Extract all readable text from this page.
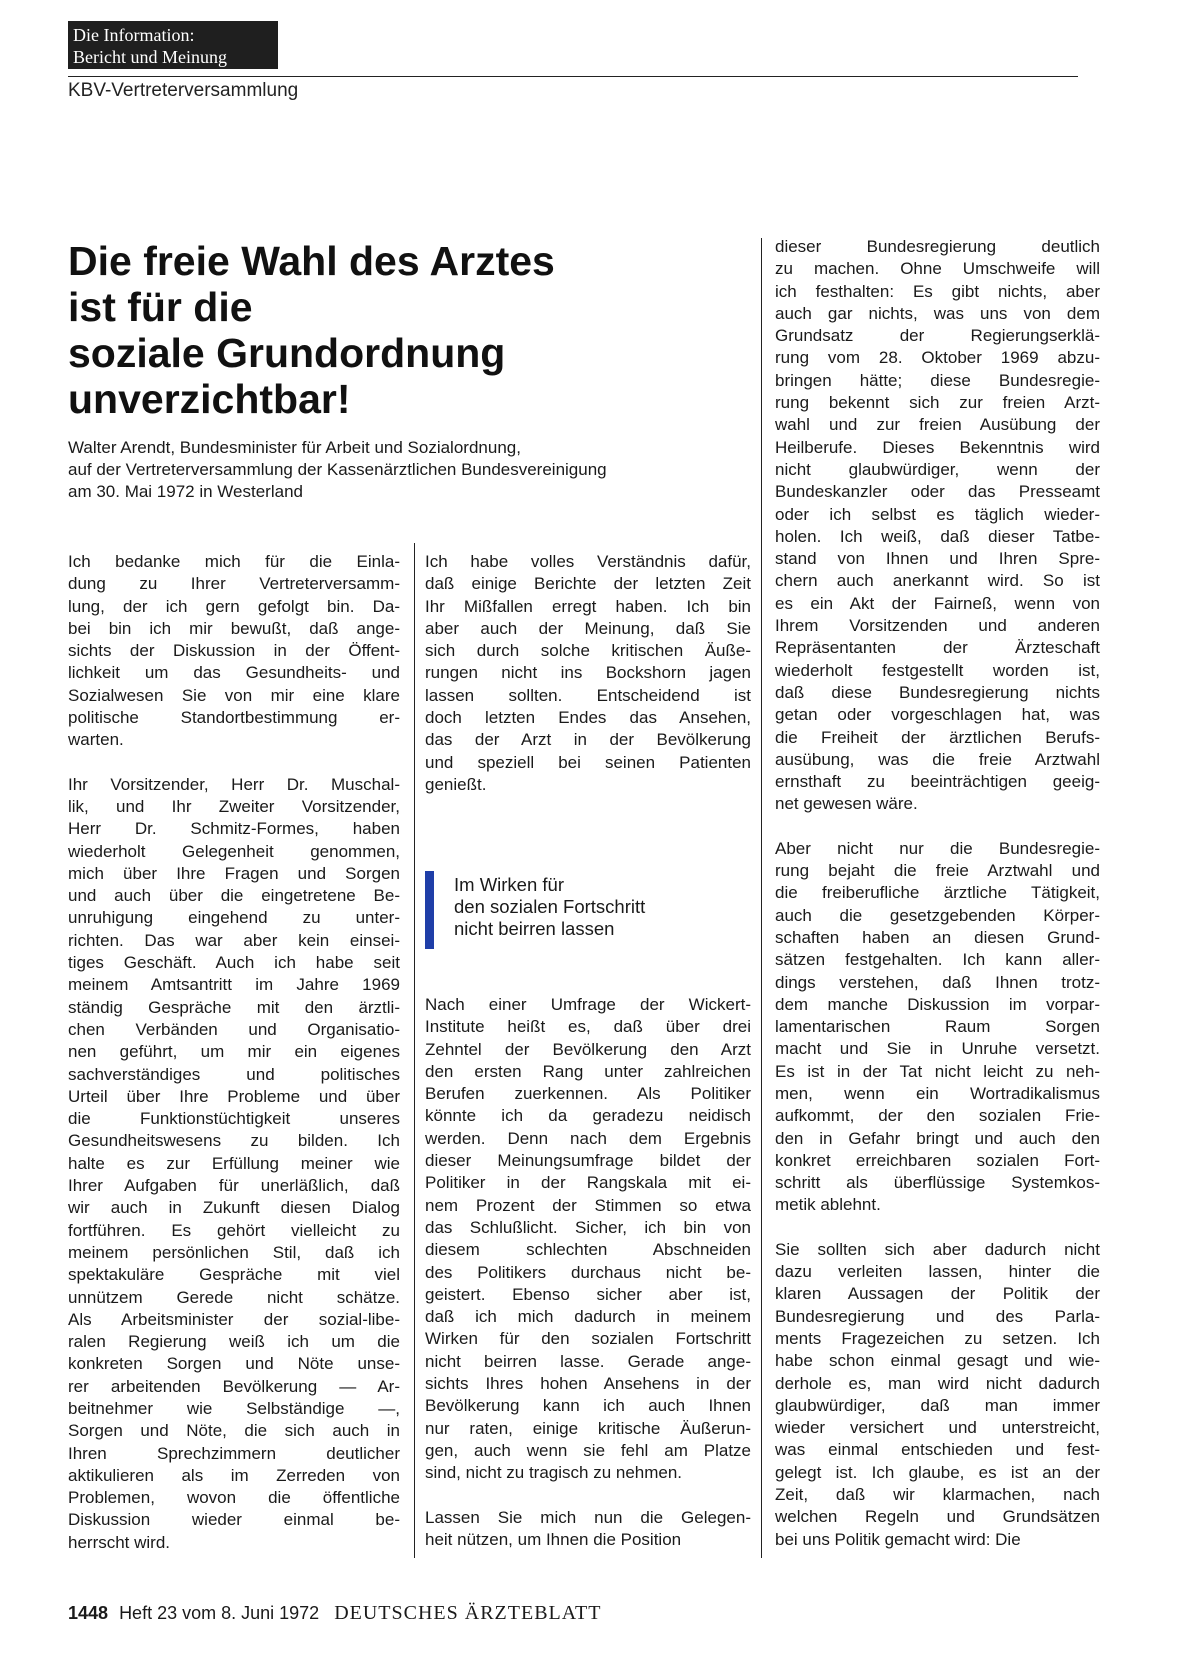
Die Information:
Bericht und Meinung
KBV-Vertreterversammlung
Die freie Wahl des Arztes
ist für die
soziale Grundordnung
unverzichtbar!
Walter Arendt, Bundesminister für Arbeit und Sozialordnung,
auf der Vertreterversammlung der Kassenärztlichen Bundesvereinigung
am 30. Mai 1972 in Westerland

Ich bedanke mich für die Einla-
dung zu Ihrer Vertreterversamm-
lung, der ich gern gefolgt bin. Da-
bei bin ich mir bewußt, daß ange-
sichts der Diskussion in der Öffent-
lichkeit um das Gesundheits- und
Sozialwesen Sie von mir eine klare
politische Standortbestimmung er-
warten.

Ihr Vorsitzender, Herr Dr. Muschal-
lik, und Ihr Zweiter Vorsitzender,
Herr Dr. Schmitz-Formes, haben
wiederholt Gelegenheit genommen,
mich über Ihre Fragen und Sorgen
und auch über die eingetretene Be-
unruhigung eingehend zu unter-
richten. Das war aber kein einsei-
tiges Geschäft. Auch ich habe seit
meinem Amtsantritt im Jahre 1969
ständig Gespräche mit den ärztli-
chen Verbänden und Organisatio-
nen geführt, um mir ein eigenes
sachverständiges und politisches
Urteil über Ihre Probleme und über
die Funktionstüchtigkeit unseres
Gesundheitswesens zu bilden. Ich
halte es zur Erfüllung meiner wie
Ihrer Aufgaben für unerläßlich, daß
wir auch in Zukunft diesen Dialog
fortführen. Es gehört vielleicht zu
meinem persönlichen Stil, daß ich
spektakuläre Gespräche mit viel
unnützem Gerede nicht schätze.
Als Arbeitsminister der sozial-libe-
ralen Regierung weiß ich um die
konkreten Sorgen und Nöte unse-
rer arbeitenden Bevölkerung — Ar-
beitnehmer wie Selbständige —,
Sorgen und Nöte, die sich auch in
Ihren Sprechzimmern deutlicher
aktikulieren als im Zerreden von
Problemen, wovon die öffentliche
Diskussion wieder einmal be-
herrscht wird.

Ich habe volles Verständnis dafür,
daß einige Berichte der letzten Zeit
Ihr Mißfallen erregt haben. Ich bin
aber auch der Meinung, daß Sie
sich durch solche kritischen Äuße-
rungen nicht ins Bockshorn jagen
lassen sollten. Entscheidend ist
doch letzten Endes das Ansehen,
das der Arzt in der Bevölkerung
und speziell bei seinen Patienten
genießt.

Im Wirken für
den sozialen Fortschritt
nicht beirren lassen

Nach einer Umfrage der Wickert-
Institute heißt es, daß über drei
Zehntel der Bevölkerung den Arzt
den ersten Rang unter zahlreichen
Berufen zuerkennen. Als Politiker
könnte ich da geradezu neidisch
werden. Denn nach dem Ergebnis
dieser Meinungsumfrage bildet der
Politiker in der Rangskala mit ei-
nem Prozent der Stimmen so etwa
das Schlußlicht. Sicher, ich bin von
diesem schlechten Abschneiden
des Politikers durchaus nicht be-
geistert. Ebenso sicher aber ist,
daß ich mich dadurch in meinem
Wirken für den sozialen Fortschritt
nicht beirren lasse. Gerade ange-
sichts Ihres hohen Ansehens in der
Bevölkerung kann ich auch Ihnen
nur raten, einige kritische Äußerun-
gen, auch wenn sie fehl am Platze
sind, nicht zu tragisch zu nehmen.

Lassen Sie mich nun die Gelegen-
heit nützen, um Ihnen die Position

dieser Bundesregierung deutlich
zu machen. Ohne Umschweife will
ich festhalten: Es gibt nichts, aber
auch gar nichts, was uns von dem
Grundsatz der Regierungserklä-
rung vom 28. Oktober 1969 abzu-
bringen hätte; diese Bundesregie-
rung bekennt sich zur freien Arzt-
wahl und zur freien Ausübung der
Heilberufe. Dieses Bekenntnis wird
nicht glaubwürdiger, wenn der
Bundeskanzler oder das Presseamt
oder ich selbst es täglich wieder-
holen. Ich weiß, daß dieser Tatbe-
stand von Ihnen und Ihren Spre-
chern auch anerkannt wird. So ist
es ein Akt der Fairneß, wenn von
Ihrem Vorsitzenden und anderen
Repräsentanten der Ärzteschaft
wiederholt festgestellt worden ist,
daß diese Bundesregierung nichts
getan oder vorgeschlagen hat, was
die Freiheit der ärztlichen Berufs-
ausübung, was die freie Arztwahl
ernsthaft zu beeinträchtigen geeig-
net gewesen wäre.

Aber nicht nur die Bundesregie-
rung bejaht die freie Arztwahl und
die freiberufliche ärztliche Tätigkeit,
auch die gesetzgebenden Körper-
schaften haben an diesen Grund-
sätzen festgehalten. Ich kann aller-
dings verstehen, daß Ihnen trotz-
dem manche Diskussion im vorpar-
lamentarischen Raum Sorgen
macht und Sie in Unruhe versetzt.
Es ist in der Tat nicht leicht zu neh-
men, wenn ein Wortradikalismus
aufkommt, der den sozialen Frie-
den in Gefahr bringt und auch den
konkret erreichbaren sozialen Fort-
schritt als überflüssige Systemkos-
metik ablehnt.

Sie sollten sich aber dadurch nicht
dazu verleiten lassen, hinter die
klaren Aussagen der Politik der
Bundesregierung und des Parla-
ments Fragezeichen zu setzen. Ich
habe schon einmal gesagt und wie-
derhole es, man wird nicht dadurch
glaubwürdiger, daß man immer
wieder versichert und unterstreicht,
was einmal entschieden und fest-
gelegt ist. Ich glaube, es ist an der
Zeit, daß wir klarmachen, nach
welchen Regeln und Grundsätzen
bei uns Politik gemacht wird: Die

1448 Heft 23 vom 8. Juni 1972 DEUTSCHES ÄRZTEBLATT
